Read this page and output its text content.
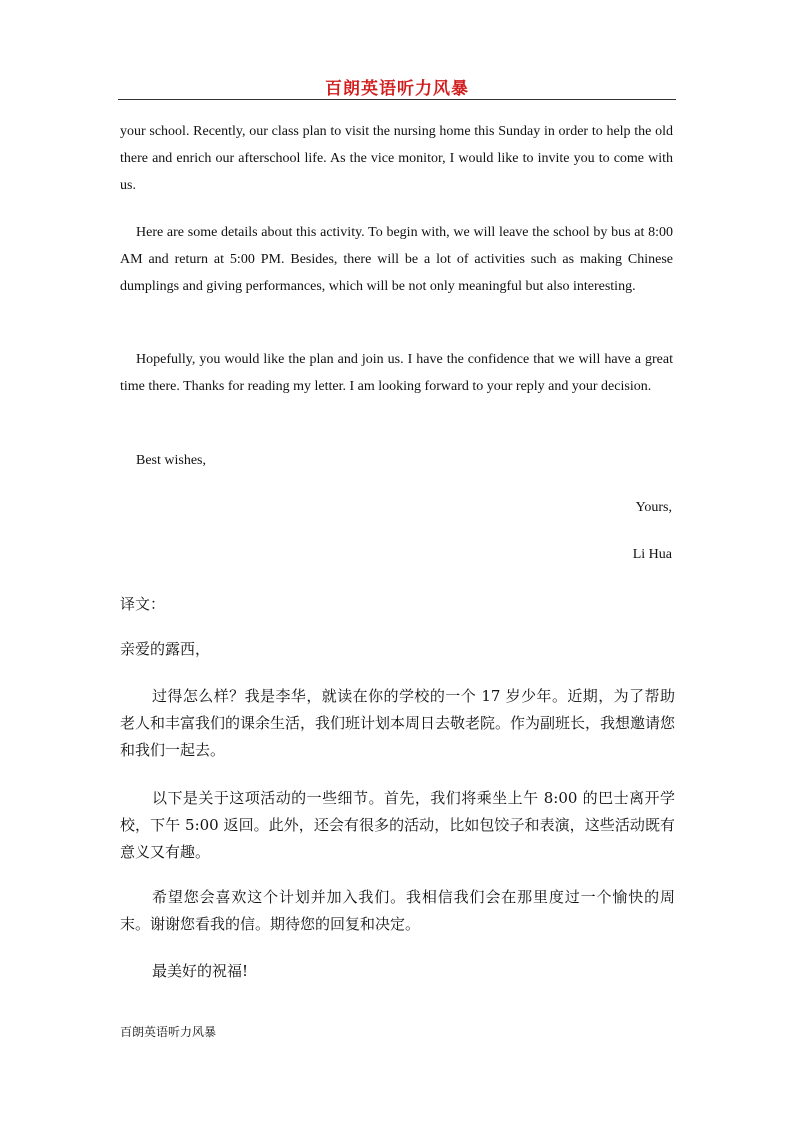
百朗英语听力风暴

your school. Recently, our class plan to visit the nursing home this Sunday in order to help the old there and enrich our afterschool life. As the vice monitor, I would like to invite you to come with us.

Here are some details about this activity. To begin with, we will leave the school by bus at 8:00 AM and return at 5:00 PM. Besides, there will be a lot of activities such as making Chinese dumplings and giving performances, which will be not only meaningful but also interesting.

Hopefully, you would like the plan and join us. I have the confidence that we will have a great time there. Thanks for reading my letter. I am looking forward to your reply and your decision.

Best wishes,

Yours,

Li Hua

译文：

亲爱的露西，

过得怎么样？我是李华，就读在你的学校的一个 17 岁少年。近期，为了帮助老人和丰富我们的课余生活，我们班计划本周日去敬老院。作为副班长，我想邀请您和我们一起去。

以下是关于这项活动的一些细节。首先，我们将乘坐上午 8:00 的巴士离开学校，下午 5:00 返回。此外，还会有很多的活动，比如包饺子和表演，这些活动既有意义又有趣。

希望您会喜欢这个计划并加入我们。我相信我们会在那里度过一个愉快的周末。谢谢您看我的信。期待您的回复和决定。

最美好的祝福!

百朗英语听力风暴
